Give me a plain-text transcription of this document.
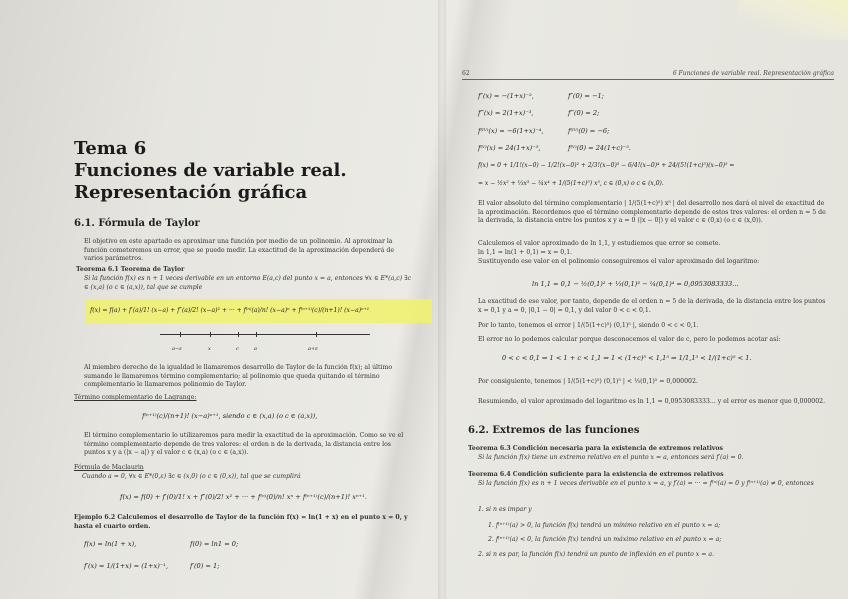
Tema 6
Funciones de variable real.
Representación gráfica
6.1. Fórmula de Taylor
El objetivo en este apartado es aproximar una función por medio de un polinomio. Al aproximar la función cometeremos un error, que se puede medir. La exactitud de la aproximación dependerá de varios parámetros.
Teorema 6.1 Teorema de Taylor
Si la función f(x) es n + 1 veces derivable en un entorno E(a,c) del punto x = a, entonces ∀x ∈ E*(a,c) ∃c ∈ (x,a) (o c ∈ (a,x)), tal que se cumple
f(x) = f(a) + f′(a)/1! (x−a) + f″(a)/2! (x−a)² + ··· + f⁽ⁿ⁾(a)/n! (x−a)ⁿ + f⁽ⁿ⁺¹⁾(c)/(n+1)! (x−a)ⁿ⁺¹
a−ε	x	c	a	a+ε
Al miembro derecho de la igualdad le llamaremos desarrollo de Taylor de la función f(x); al último sumando le llamaremos término complementario; al polinomio que queda quitando el término complementario le llamaremos polinomio de Taylor.
Término complementario de Lagrange:
f⁽ⁿ⁺¹⁾(c)/(n+1)! (x−a)ⁿ⁺¹, siendo c ∈ (x,a) (o c ∈ (a,x)),
El término complementario lo utilizaremos para medir la exactitud de la aproximación. Como se ve el término complementario depende de tres valores: el orden n de la derivada, la distancia entre los puntos x y a (|x − a|) y el valor c ∈ (x,a) (o c ∈ (a,x)).
Fórmula de Maclaurin
Cuando a = 0, ∀x ∈ E*(0,ε) ∃c ∈ (x,0) (o c ∈ (0,x)), tal que se cumplirá
f(x) = f(0) + f′(0)/1! x + f″(0)/2! x² + ··· + f⁽ⁿ⁾(0)/n! xⁿ + f⁽ⁿ⁺¹⁾(c)/(n+1)! xⁿ⁺¹.
Ejemplo 6.2 Calculemos el desarrollo de Taylor de la función f(x) = ln(1 + x) en el punto x = 0, y hasta el cuarto orden.
f(x) = ln(1 + x),	f(0) = ln1 = 0;
f′(x) = 1/(1+x) = (1+x)⁻¹,	f′(0) = 1;
62	6 Funciones de variable real. Representación gráfica

f″(x) = −(1+x)⁻²,	f″(0) = −1;
f‴(x) = 2(1+x)⁻³,	f‴(0) = 2;
f⁽ᴵⱽ⁾(x) = −6(1+x)⁻⁴,	f⁽ᴵⱽ⁾(0) = −6;
f⁽ⱽ⁾(x) = 24(1+x)⁻⁵,	f⁽ⱽ⁾(0) = 24(1+c)⁻⁵.
f(x) = 0 + 1/1!(x−0) − 1/2!(x−0)² + 2/3!(x−0)³ − 6/4!(x−0)⁴ + 24/(5!(1+c)⁵)(x−0)⁵ =
= x − ½x² + ⅓x³ − ¼x⁴ + 1/(5(1+c)⁵) x⁵, c ∈ (0,x) o c ∈ (x,0).
El valor absoluto del término complementario | 1/(5(1+c)⁵) x⁵ | del desarrollo nos dará el nivel de exactitud de la aproximación. Recordemos que el término complementario depende de estos tres valores: el orden n = 5 de la derivada, la distancia entre los puntos x y a = 0 (|x − 0|) y el valor c ∈ (0,x) (o c ∈ (x,0)).
Calculemos el valor aproximado de ln 1,1, y estudiemos que error se comete.
ln 1,1 = ln(1 + 0,1) ⇒ x = 0,1.
Sustituyendo ese valor en el polinomio conseguiremos el valor aproximado del logaritmo:
ln 1,1 = 0,1 − ½(0,1)² + ⅓(0,1)³ − ¼(0,1)⁴ = 0,0953083333...
La exactitud de ese valor, por tanto, depende de el orden n = 5 de la derivada, de la distancia entre los puntos x = 0,1 y a = 0, |0,1 − 0| = 0,1, y del valor 0 < c < 0,1.
Por lo tanto, tenemos el error | 1/(5(1+c)⁵) (0,1)⁵ |, siendo 0 < c < 0,1.
El error no lo podemos calcular porque desconocemos el valor de c, pero lo podemos acotar así:
0 < c < 0,1 ⇒ 1 < 1 + c < 1,1 ⇒ 1 < (1+c)⁵ < 1,1⁵ ⇒ 1/1,1⁵ < 1/(1+c)⁵ < 1.
Por consiguiente, tenemos | 1/(5(1+c)⁵) (0,1)⁵ | < ⅕(0,1)⁵ = 0,000002.
Resumiendo, el valor aproximado del logaritmo es ln 1,1 = 0,0953083333... y el error es menor que 0,000002.
6.2. Extremos de las funciones
Teorema 6.3 Condición necesaria para la existencia de extremos relativos
Si la función f(x) tiene un extremo relativo en el punto x = a, entonces será f′(a) = 0.
Teorema 6.4 Condición suficiente para la existencia de extremos relativos
Si la función f(x) es n + 1 veces derivable en el punto x = a, y f′(a) = ··· = f⁽ⁿ⁾(a) = 0 y f⁽ⁿ⁺¹⁾(a) ≠ 0, entonces
1. si n es impar y
1. f⁽ⁿ⁺¹⁾(a) > 0, la función f(x) tendrá un mínimo relativo en el punto x = a;
2. f⁽ⁿ⁺¹⁾(a) < 0, la función f(x) tendrá un máximo relativo en el punto x = a;
2. si n es par, la función f(x) tendrá un punto de inflexión en el punto x = a.
